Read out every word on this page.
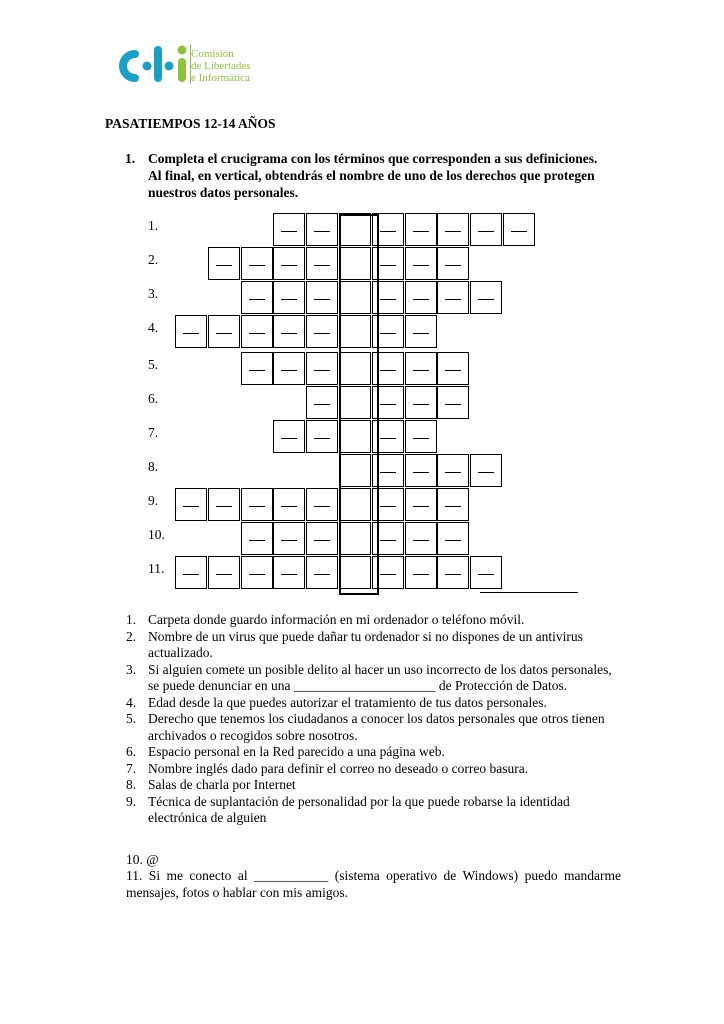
Comisión
de Libertades
e Informática
PASATIEMPOS 12-14 AÑOS
1. Completa el crucigrama con los términos que corresponden a sus definiciones. Al final, en vertical, obtendrás el nombre de uno de los derechos que protegen nuestros datos personales.
1.
2.
3.
4.
5.
6.
7.
8.
9.
10.
11.
1. Carpeta donde guardo información en mi ordenador o teléfono móvil.
2. Nombre de un virus que puede dañar tu ordenador si no dispones de un antivirus actualizado.
3. Si alguien comete un posible delito al hacer un uso incorrecto de los datos personales, se puede denunciar en una _____________________ de Protección de Datos.
4. Edad desde la que puedes autorizar el tratamiento de tus datos personales.
5. Derecho que tenemos los ciudadanos a conocer los datos personales que otros tienen archivados o recogidos sobre nosotros.
6. Espacio personal en la Red parecido a una página web.
7. Nombre inglés dado para definir el correo no deseado o correo basura.
8. Salas de charla por Internet
9. Técnica de suplantación de personalidad por la que puede robarse la identidad electrónica de alguien
10. @
11. Si me conecto al ___________ (sistema operativo de Windows) puedo mandarme mensajes, fotos o hablar con mis amigos.
